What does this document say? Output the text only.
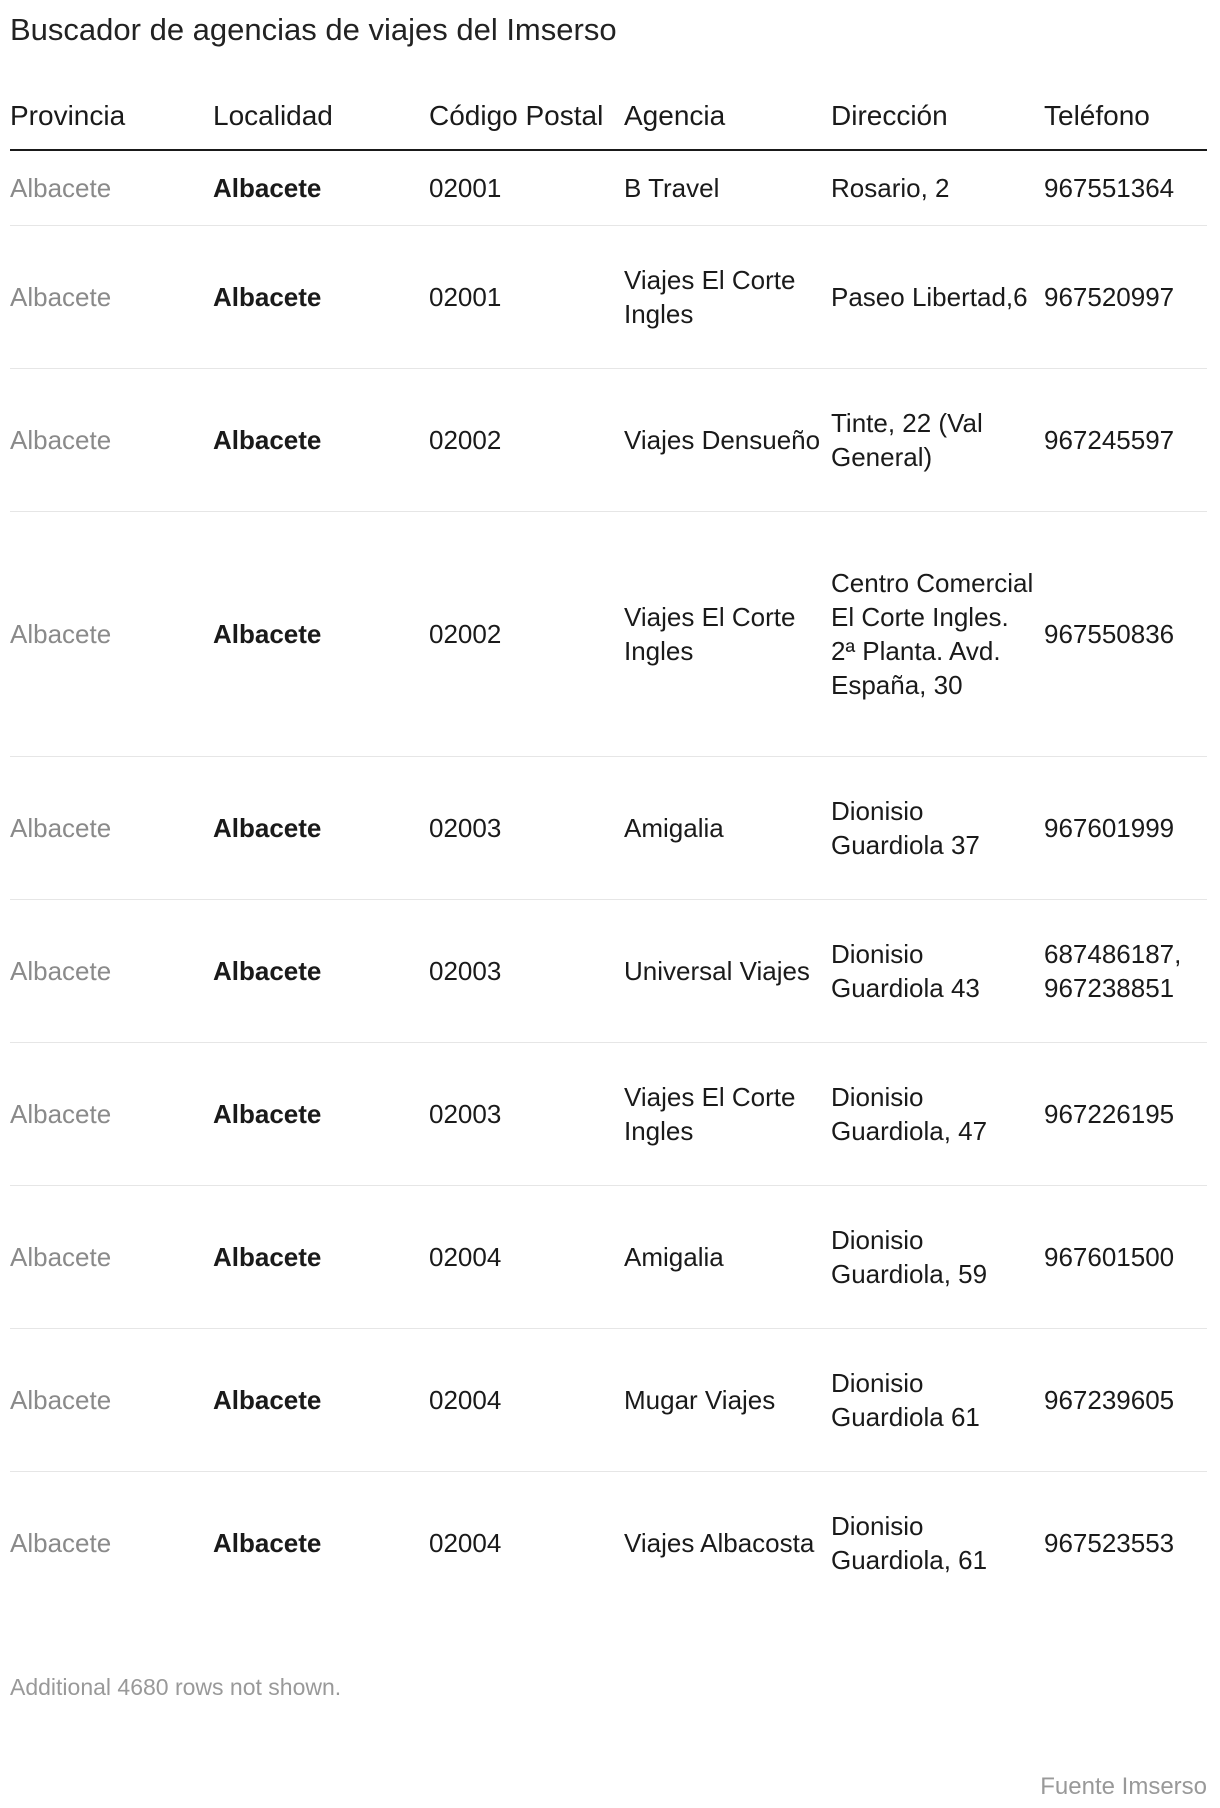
Buscador de agencias de viajes del Imserso
Provincia	Localidad	Código Postal	Agencia	Dirección	Teléfono
Albacete	Albacete	02001	B Travel	Rosario, 2	967551364
Albacete	Albacete	02001	Viajes El Corte Ingles	Paseo Libertad,6	967520997
Albacete	Albacete	02002	Viajes Densueño	Tinte, 22 (Val General)	967245597
Albacete	Albacete	02002	Viajes El Corte Ingles	Centro Comercial El Corte Ingles. 2ª Planta. Avd. España, 30	967550836
Albacete	Albacete	02003	Amigalia	Dionisio Guardiola 37	967601999
Albacete	Albacete	02003	Universal Viajes	Dionisio Guardiola 43	687486187, 967238851
Albacete	Albacete	02003	Viajes El Corte Ingles	Dionisio Guardiola, 47	967226195
Albacete	Albacete	02004	Amigalia	Dionisio Guardiola, 59	967601500
Albacete	Albacete	02004	Mugar Viajes	Dionisio Guardiola 61	967239605
Albacete	Albacete	02004	Viajes Albacosta	Dionisio Guardiola, 61	967523553
Additional 4680 rows not shown.
Fuente Imserso
